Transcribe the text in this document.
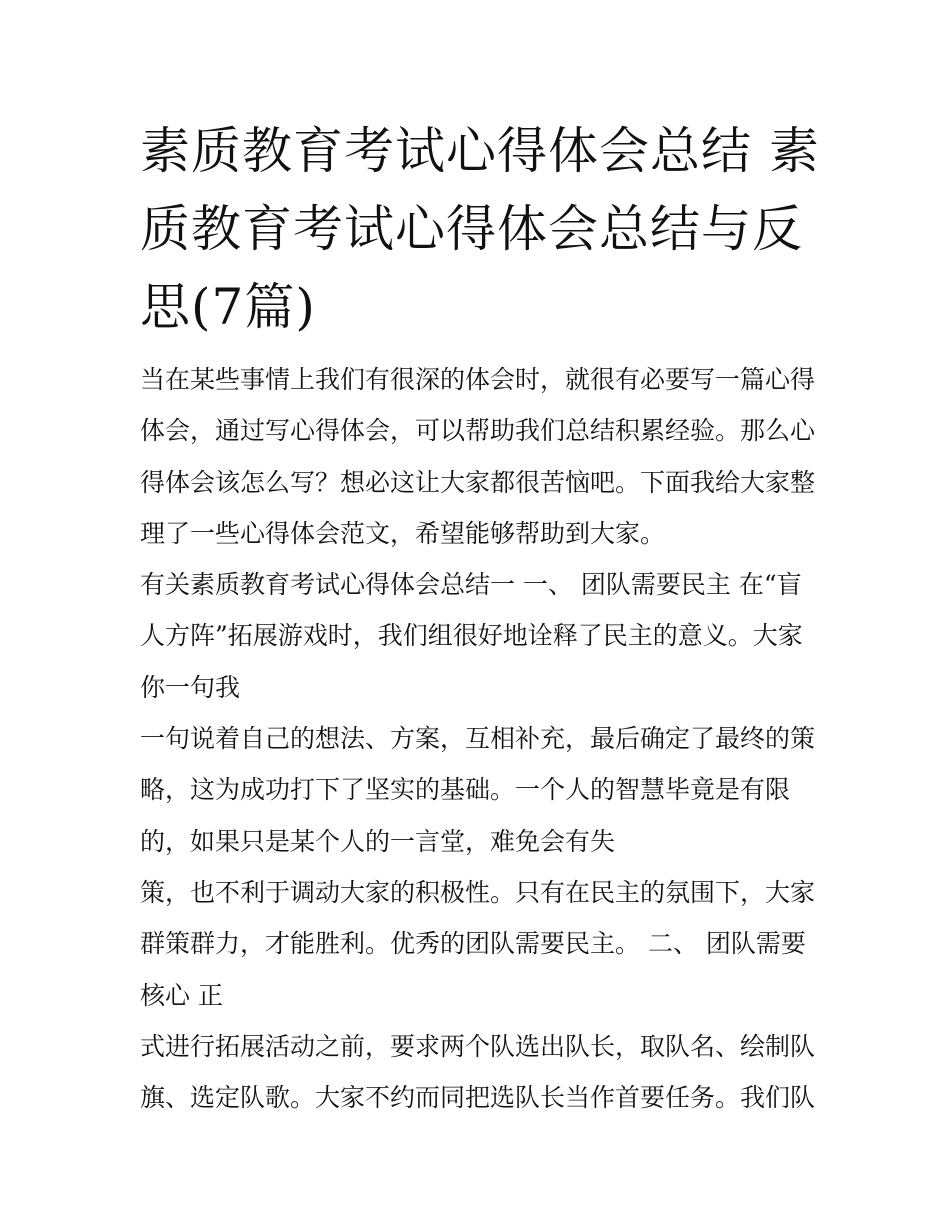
素质教育考试心得体会总结 素
质教育考试心得体会总结与反
思(7篇)
当在某些事情上我们有很深的体会时，就很有必要写一篇心得
体会，通过写心得体会，可以帮助我们总结积累经验。那么心
得体会该怎么写？想必这让大家都很苦恼吧。下面我给大家整
理了一些心得体会范文，希望能够帮助到大家。
有关素质教育考试心得体会总结一 一、 团队需要民主 在“盲
人方阵”拓展游戏时，我们组很好地诠释了民主的意义。大家
你一句我
一句说着自己的想法、方案，互相补充，最后确定了最终的策
略，这为成功打下了坚实的基础。一个人的智慧毕竟是有限
的，如果只是某个人的一言堂，难免会有失
策，也不利于调动大家的积极性。只有在民主的氛围下，大家
群策群力，才能胜利。优秀的团队需要民主。 二、 团队需要
核心 正
式进行拓展活动之前，要求两个队选出队长，取队名、绘制队
旗、选定队歌。大家不约而同把选队长当作首要任务。我们队
